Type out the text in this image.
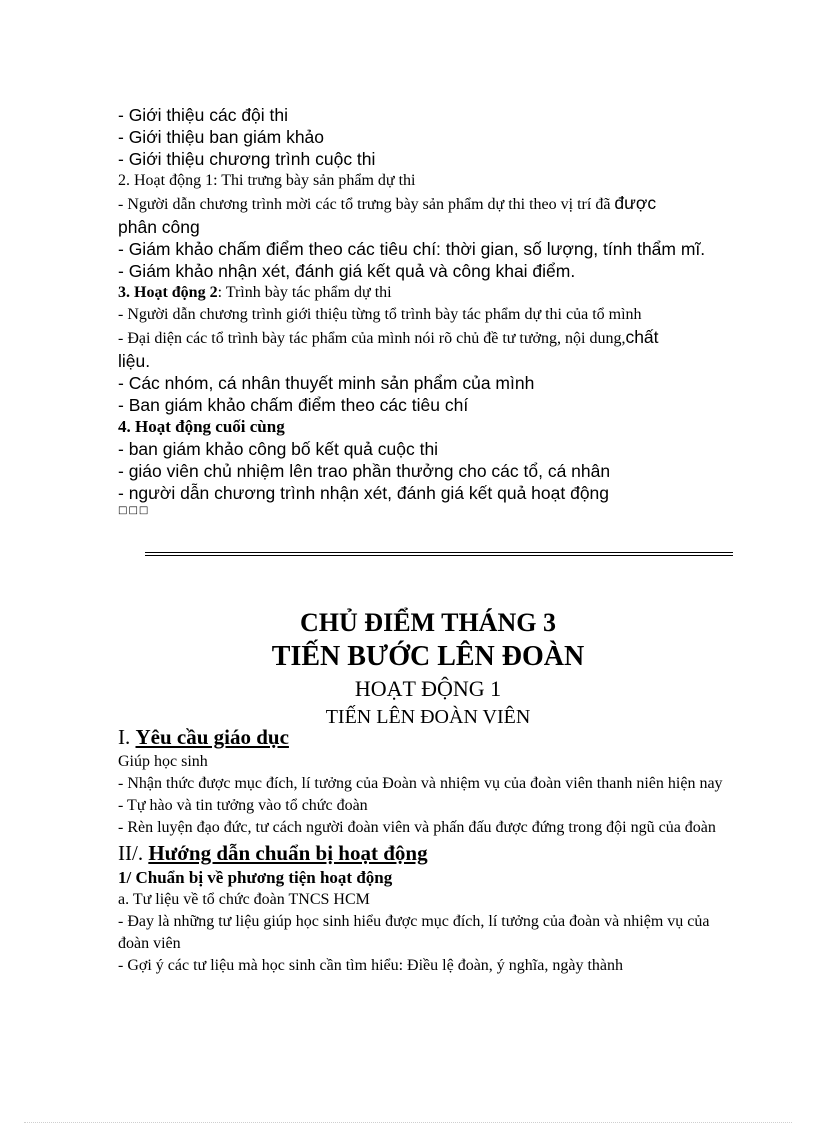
- Giới thiệu các đội thi
- Giới thiệu ban giám khảo
- Giới thiệu chương trình cuộc thi
2. Hoạt động 1: Thi trưng bày sản phẩm dự thi
- Người dẫn chương trình mời các tổ trưng bày sản phẩm dự thi theo vị trí đã được
phân công
- Giám khảo chấm điểm theo các tiêu chí: thời gian, số lượng, tính thẩm mĩ.
- Giám khảo nhận xét, đánh giá kết quả và công khai điểm.
3. Hoạt động 2: Trình bày tác phẩm dự thi
- Người dẫn chương trình giới thiệu từng tổ trình bày tác phẩm dự thi của tổ mình
- Đại diện các tổ trình bày tác phẩm của mình nói rõ chủ đề tư tưởng, nội dung,chất
liệu.
- Các nhóm, cá nhân thuyết minh sản phẩm của mình
- Ban giám khảo chấm điểm theo các tiêu chí
4. Hoạt động cuối cùng
- ban giám khảo công bố kết quả cuộc thi
- giáo viên chủ nhiệm lên trao phần thưởng cho các tổ, cá nhân
- người dẫn chương trình nhận xét, đánh giá kết quả hoạt động
□□□
CHỦ ĐIỂM THÁNG 3
TIẾN BƯỚC LÊN ĐOÀN
HOẠT ĐỘNG 1
TIẾN LÊN ĐOÀN VIÊN
I. Yêu cầu giáo dục
Giúp học sinh
- Nhận thức được mục đích, lí tưởng của Đoàn và nhiệm vụ của đoàn viên thanh niên hiện nay
- Tự hào và tin tưởng vào tổ chức đoàn
- Rèn luyện đạo đức, tư cách người đoàn viên và phấn đấu được đứng trong đội ngũ của đoàn
II/. Hướng dẫn chuẩn bị hoạt động
1/ Chuẩn bị về phương tiện hoạt động
a. Tư liệu về tổ chức đoàn TNCS HCM
- Đay là những tư liệu giúp học sinh hiểu được mục đích, lí tưởng của đoàn và nhiệm vụ của đoàn viên
- Gợi ý các tư liệu mà học sinh cần tìm hiểu: Điều lệ đoàn, ý nghĩa, ngày thành
